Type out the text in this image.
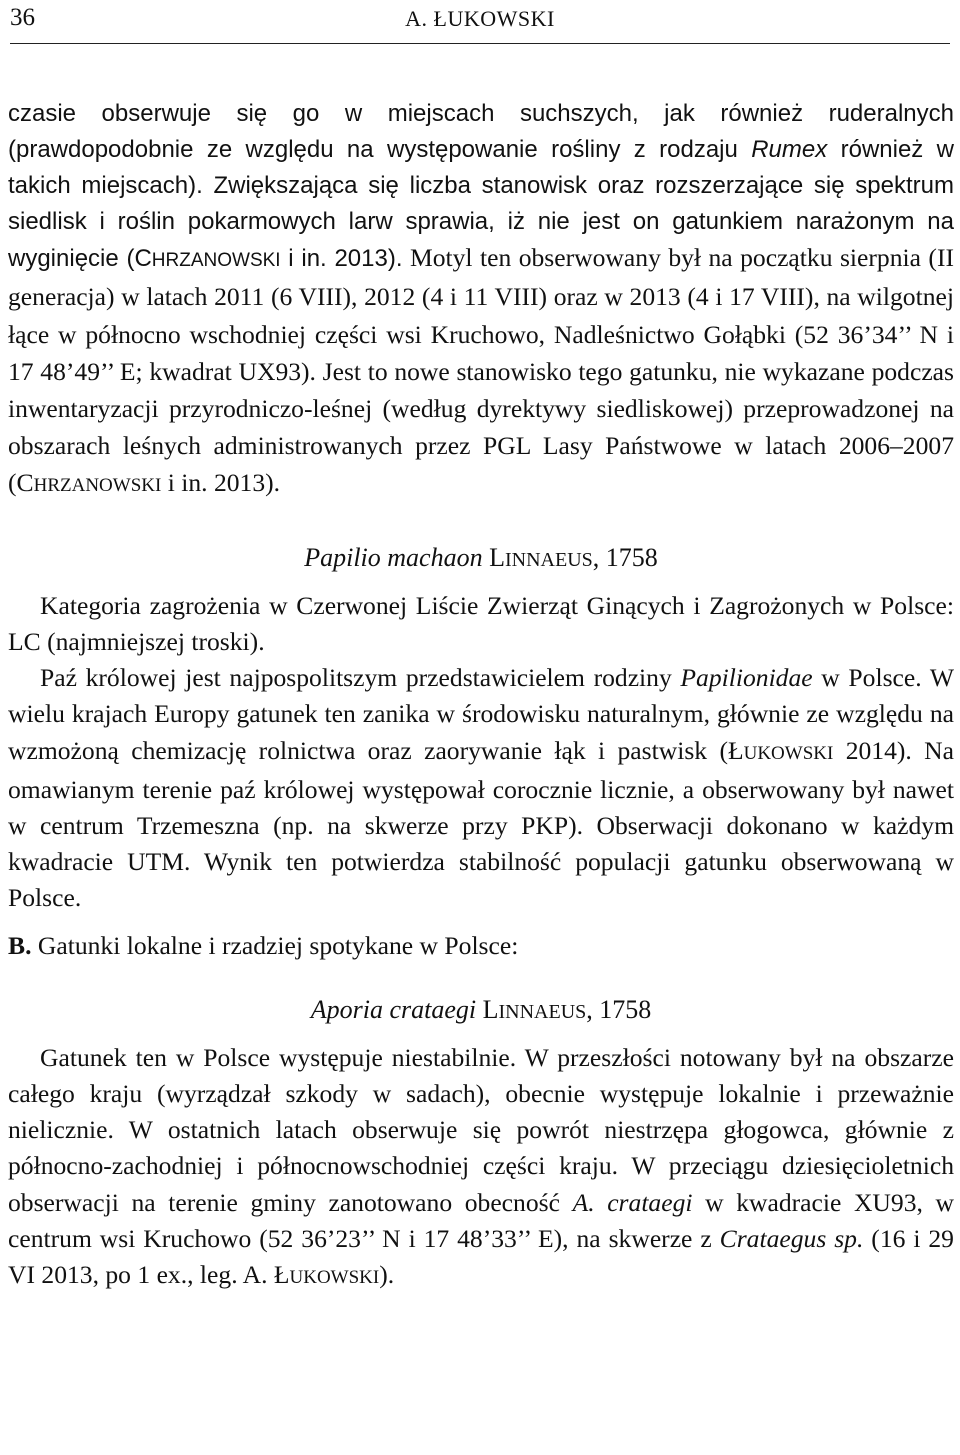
36	A. ŁUKOWSKI

czasie obserwuje się go w miejscach suchszych, jak również ruderalnych (prawdopodobnie ze względu na występowanie rośliny z rodzaju Rumex również w takich miejscach). Zwiększająca się liczba stanowisk oraz rozszerzające się spektrum siedlisk i roślin pokarmowych larw sprawia, iż nie jest on gatunkiem narażonym na wyginięcie (CHRZANOWSKI i in. 2013). Motyl ten obserwowany był na początku sierpnia (II generacja) w latach 2011 (6 VIII), 2012 (4 i 11 VIII) oraz w 2013 (4 i 17 VIII), na wilgotnej łące w północno wschodniej części wsi Kruchowo, Nadleśnictwo Gołąbki (52 36’34’’ N i 17 48’49’’ E; kwadrat UX93). Jest to nowe stanowisko tego gatunku, nie wykazane podczas inwentaryzacji przyrodniczo-leśnej (według dyrektywy siedliskowej) przeprowadzonej na obszarach leśnych administrowanych przez PGL Lasy Państwowe w latach 2006–2007 (CHRZANOWSKI i in. 2013).

Papilio machaon LINNAEUS, 1758

Kategoria zagrożenia w Czerwonej Liście Zwierząt Ginących i Zagrożonych w Polsce: LC (najmniejszej troski).

Paź królowej jest najpospolitszym przedstawicielem rodziny Papilionidae w Polsce. W wielu krajach Europy gatunek ten zanika w środowisku naturalnym, głównie ze względu na wzmożoną chemizację rolnictwa oraz zaorywanie łąk i pastwisk (ŁUKOWSKI 2014). Na omawianym terenie paź królowej występował corocznie licznie, a obserwowany był nawet w centrum Trzemeszna (np. na skwerze przy PKP). Obserwacji dokonano w każdym kwadracie UTM. Wynik ten potwierdza stabilność populacji gatunku obserwowaną w Polsce.

B. Gatunki lokalne i rzadziej spotykane w Polsce:

Aporia crataegi LINNAEUS, 1758

Gatunek ten w Polsce występuje niestabilnie. W przeszłości notowany był na obszarze całego kraju (wyrządzał szkody w sadach), obecnie występuje lokalnie i przeważnie nielicznie. W ostatnich latach obserwuje się powrót niestrzępa głogowca, głównie z północno-zachodniej i północnowschodniej części kraju. W przeciągu dziesięcioletnich obserwacji na terenie gminy zanotowano obecność A. crataegi w kwadracie XU93, w centrum wsi Kruchowo (52 36’23’’ N i 17 48’33’’ E), na skwerze z Crataegus sp. (16 i 29 VI 2013, po 1 ex., leg. A. ŁUKOWSKI).
